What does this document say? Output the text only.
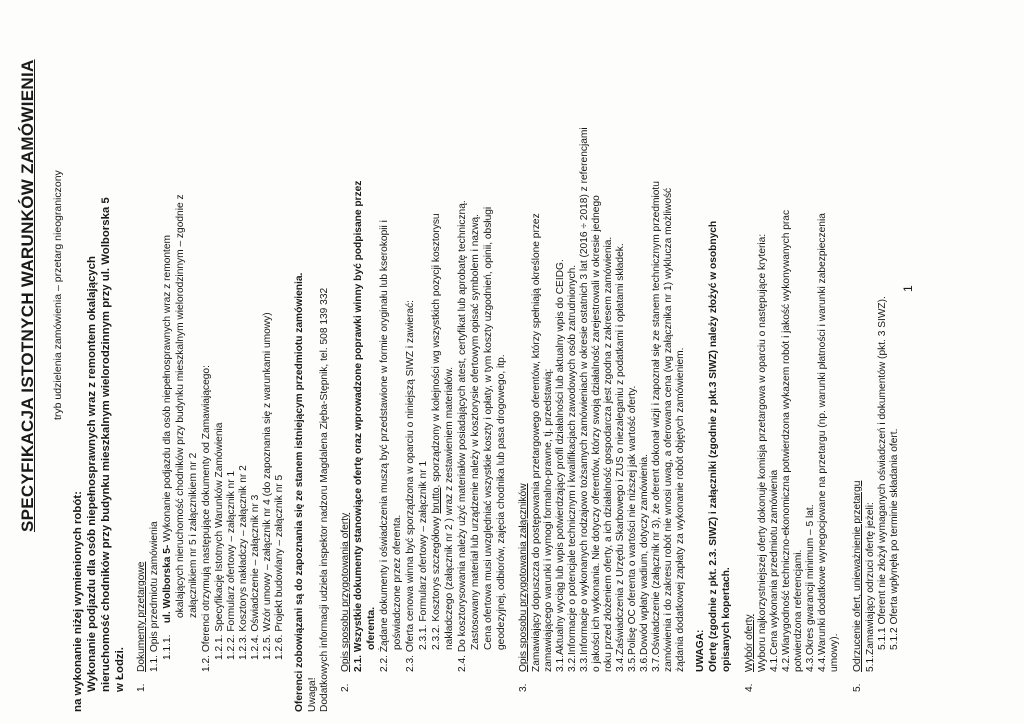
SPECYFIKACJA ISTOTNYCH WARUNKÓW ZAMÓWIENIA tryb udzielenia zamówienia – przetarg nieograniczony
na wykonanie niżej wymienionych robót: Wykonanie podjazdu dla osób niepełnosprawnych wraz z remontem okalających nieruchomość chodników przy budynku mieszkalnym wielorodzinnym przy ul. Wolborska 5 w Łodzi. 1.
Dokumenty przetargowe 1.1. Opis przedmiotu zamówienia 1.1.1.    ul. Wolborska 5- Wykonanie podjazdu dla osób niepełnosprawnych wraz z remontem okalających nieruchomość chodników przy budynku mieszkalnym wielorodzinnym – zgodnie z załącznikiem nr 5 i załącznikiem nr 2 1.2. Oferenci otrzymują następujące dokumenty od Zamawiającego: 1.2.1. Specyfikację Istotnych Warunków Zamówienia 1.2.2. Formularz ofertowy – załącznik nr 1 1.2.3. Kosztorys nakładczy – załącznik nr 2 1.2.4. Oświadczenie – załącznik nr 3 1.2.5. Wzór umowy – załącznik nr 4 (do zapoznania się z warunkami umowy) 1.2.6. Projekt budowlany – załącznik nr 5 Oferenci zobowiązani są do zapoznania się ze stanem istniejącym przedmiotu zamówienia. Uwaga! Dodatkowych informacji udziela inspektor nadzoru Magdalena Zięba-Stępnik, tel. 508 139 332 2.
Opis sposobu przygotowania oferty 2.1. Wszystkie dokumenty stanowiące ofertę oraz wprowadzone poprawki winny być podpisane przez oferenta. 2.2. Żądane dokumenty i oświadczenia muszą być przedstawione w formie oryginału lub kserokopii i poświadczone przez oferenta. 2.3. Oferta cenowa winna być sporządzona w oparciu o niniejszą SIWZ i zawierać: 2.3.1. Formularz ofertowy – załącznik nr 1 2.3.2. Kosztorys szczegółowy brutto, sporządzony w kolejności wg wszystkich pozycji kosztorysu
nakładczego (załącznik nr 2 ) wraz z zestawieniem materiałów. 2.4. Do kosztorysowania należy użyć materiałów posiadających atest, certyfikat lub aprobatę techniczną. Zastosowany materiał lub urządzenie należy w kosztorysie ofertowym opisać symbolem i nazwą. Cena ofertowa musi uwzględniać wszystkie koszty i opłaty, w tym koszty uzgodnień, opinii, obsługi geodezyjnej, odbiorów, zajęcia chodnika lub pasa drogowego, itp.
3.
Opis sposobu przygotowania załączników Zamawiający dopuszcza do postępowania przetargowego oferentów, którzy spełniają określone przez zamawiającego warunki i wymogi formalno-prawne, tj. przedstawią: 3.1.Aktualny wyciąg lub wpis potwierdzający profil działalności lub aktualny wpis do CEIDG. 3.2.Informacje o potencjale technicznym i kwalifikacjach zawodowych osób zatrudnionych. 3.3.Informacje o wykonanych rodzajowo tożsamych zamówieniach w okresie ostatnich 3 lat (2016 ÷ 2018) z referencjami o jakości ich wykonania. Nie dotyczy oferentów, którzy swoją działalność zarejestrowali w okresie jednego roku przed złożeniem oferty, a ich działalność gospodarcza jest zgodna z zakresem zamówienia. 3.4.Zaświadczenia z Urzędu Skarbowego i ZUS o niezaleganiu z podatkami i opłatami składek. 3.5.Polisę OC oferenta o wartości nie niższej jak wartość oferty. 3.6.Dowód wpłaty wadium, dotyczy zamówienia. 3.7.Oświadczenie (załącznik nr 3), że oferent dokonał wizji i zapoznał się ze stanem technicznym przedmiotu zamówienia i do zakresu robót nie wnosi uwag, a oferowana cena (wg załącznika nr 1) wyklucza możliwość żądania dodatkowej zapłaty za wykonanie robót objętych zamówieniem. UWAGA: Ofertę (zgodnie z pkt. 2.3. SIWZ) i załączniki (zgodnie z pkt.3 SIWZ) należy złożyć w osobnych opisanych kopertach.
4.
Wybór oferty Wyboru najkorzystniejszej oferty dokonuje komisja przetargowa w oparciu o następujące kryteria: 4.1.Cena wykonania przedmiotu zamówienia 4.2.Wiarygodność techniczno-ekonomiczna potwierdzona wykazem robót i jakość wykonywanych prac potwierdzona referencjami. 4.3.Okres gwarancji minimum – 5 lat. 4.4.Warunki dodatkowe wynegocjowane na przetargu (np. warunki płatności i warunki zabezpieczenia umowy).
5.
Odrzucenie ofert, unieważnienie przetargu 5.1.Zamawiający odrzuci ofertę jeżeli: 5.1.1 Oferent nie złożył wymaganych oświadczeń i dokumentów (pkt. 3 SIWZ). 5.1.2 Oferta wpłynęła po terminie składania ofert.
1
